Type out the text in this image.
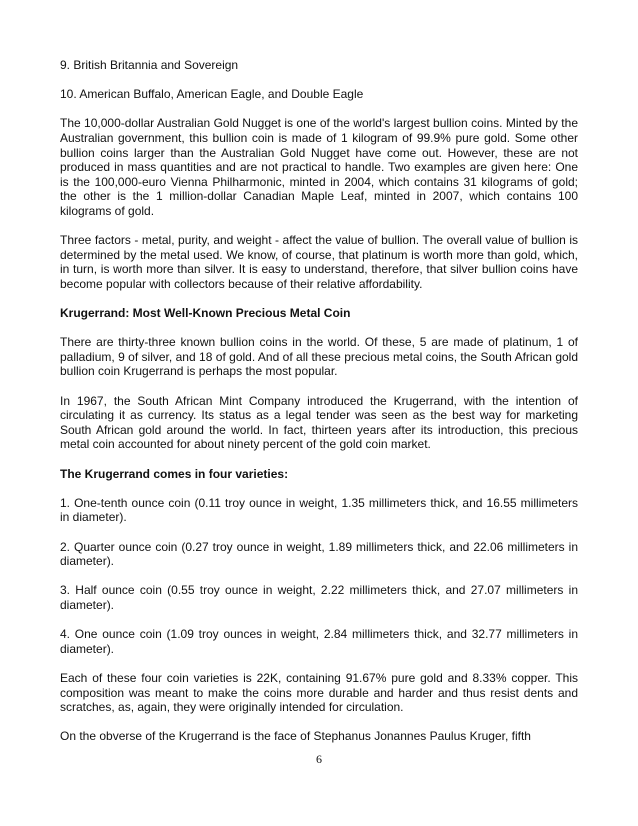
9. British Britannia and Sovereign

10. American Buffalo, American Eagle, and Double Eagle

The 10,000-dollar Australian Gold Nugget is one of the world's largest bullion coins. Minted by the Australian government, this bullion coin is made of 1 kilogram of 99.9% pure gold. Some other bullion coins larger than the Australian Gold Nugget have come out. However, these are not produced in mass quantities and are not practical to handle. Two examples are given here: One is the 100,000-euro Vienna Philharmonic, minted in 2004, which contains 31 kilograms of gold; the other is the 1 million-dollar Canadian Maple Leaf, minted in 2007, which contains 100 kilograms of gold.

Three factors - metal, purity, and weight - affect the value of bullion. The overall value of bullion is determined by the metal used. We know, of course, that platinum is worth more than gold, which, in turn, is worth more than silver. It is easy to understand, therefore, that silver bullion coins have become popular with collectors because of their relative affordability.

Krugerrand: Most Well-Known Precious Metal Coin

There are thirty-three known bullion coins in the world. Of these, 5 are made of platinum, 1 of palladium, 9 of silver, and 18 of gold. And of all these precious metal coins, the South African gold bullion coin Krugerrand is perhaps the most popular.

In 1967, the South African Mint Company introduced the Krugerrand, with the intention of circulating it as currency. Its status as a legal tender was seen as the best way for marketing South African gold around the world. In fact, thirteen years after its introduction, this precious metal coin accounted for about ninety percent of the gold coin market.

The Krugerrand comes in four varieties:

1. One-tenth ounce coin (0.11 troy ounce in weight, 1.35 millimeters thick, and 16.55 millimeters in diameter).

2. Quarter ounce coin (0.27 troy ounce in weight, 1.89 millimeters thick, and 22.06 millimeters in diameter).

3. Half ounce coin (0.55 troy ounce in weight, 2.22 millimeters thick, and 27.07 millimeters in diameter).

4. One ounce coin (1.09 troy ounces in weight, 2.84 millimeters thick, and 32.77 millimeters in diameter).

Each of these four coin varieties is 22K, containing 91.67% pure gold and 8.33% copper. This composition was meant to make the coins more durable and harder and thus resist dents and scratches, as, again, they were originally intended for circulation.

On the obverse of the Krugerrand is the face of Stephanus Jonannes Paulus Kruger, fifth

6
